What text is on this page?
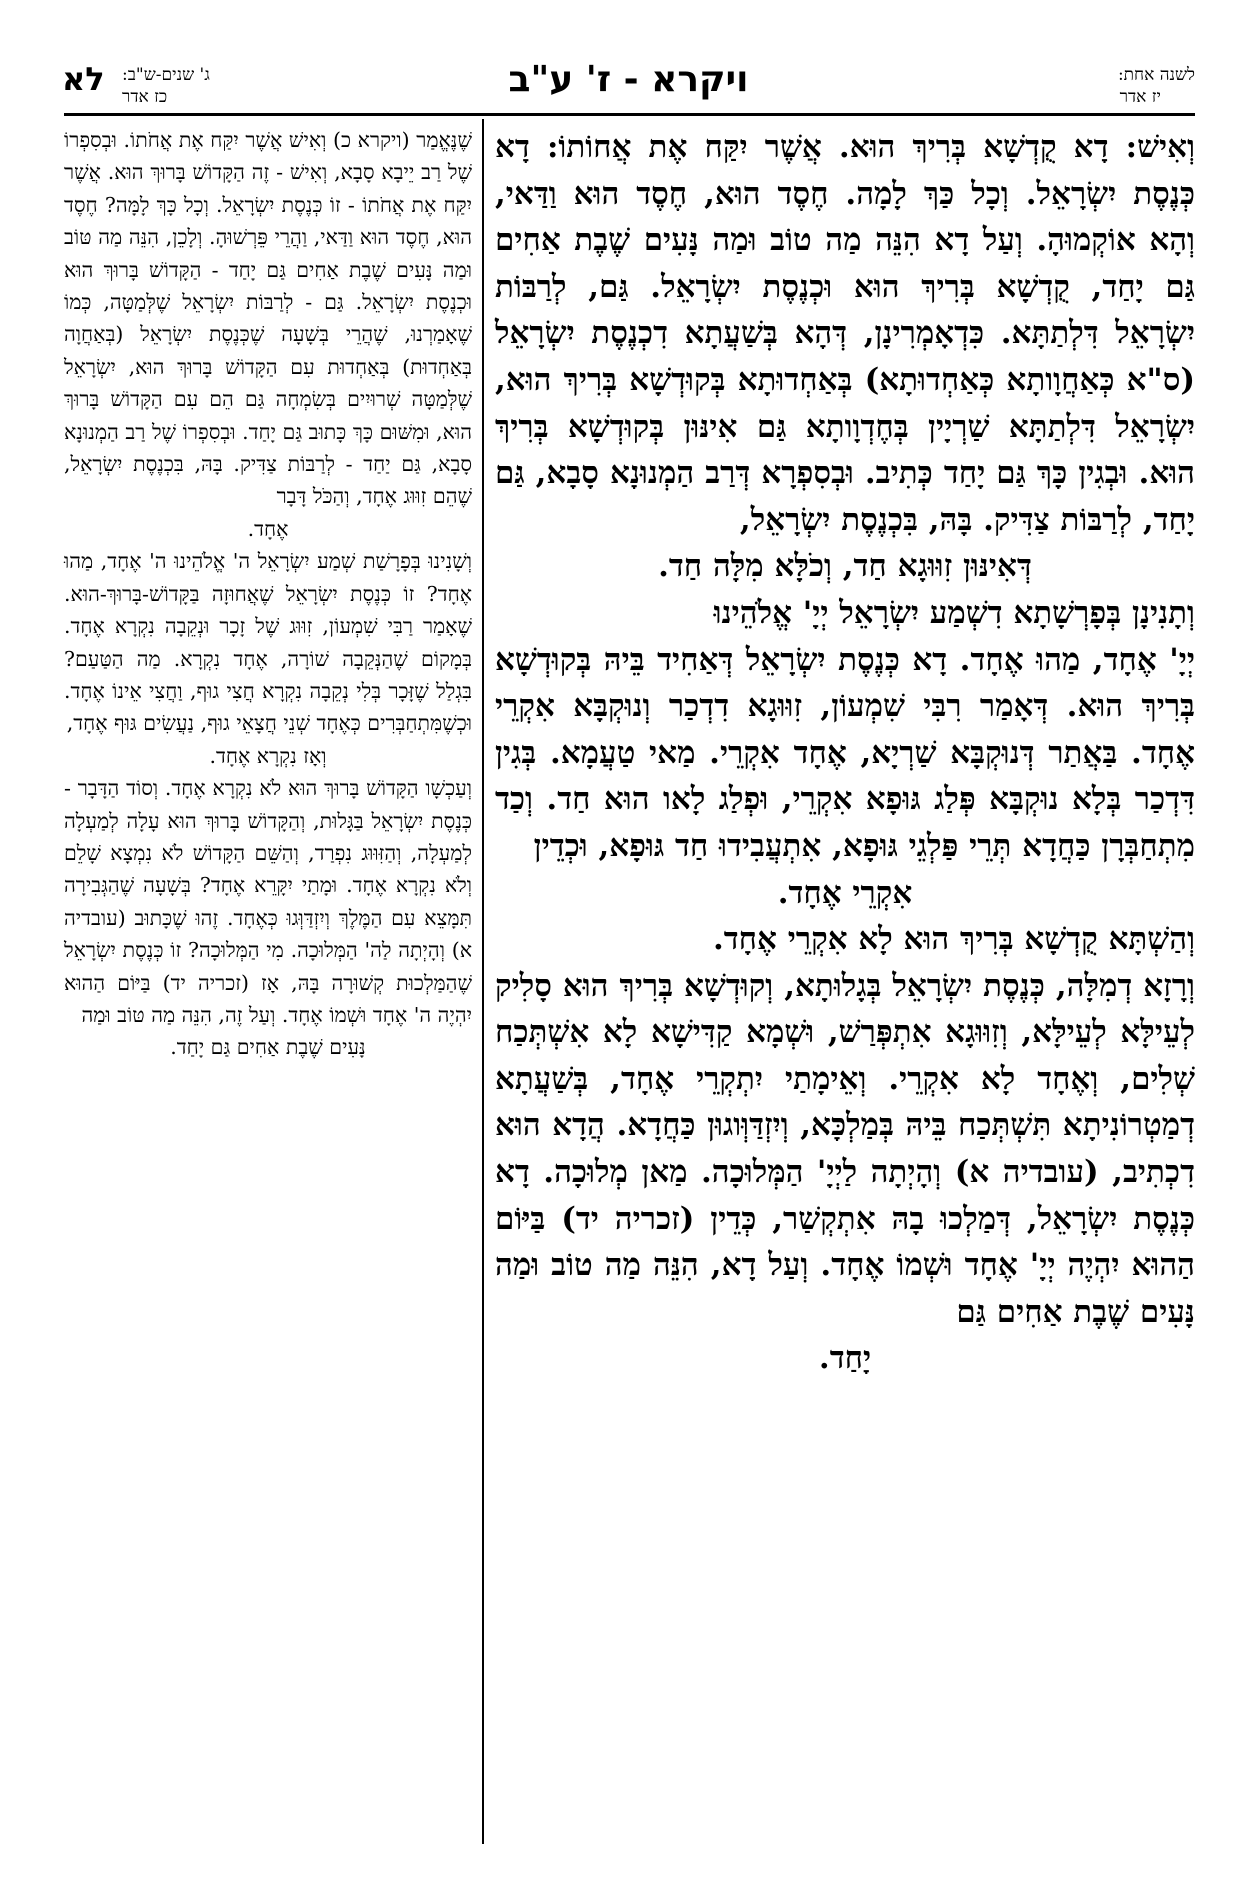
לשנה אחת:
יז אדר
ויקרא - ז' ע"ב
ג' שנים-ש"ב:
כז אדר
לא

וְאִישׁ: דָא קֻדְשָׁא בְּרִיךְ הוּא. אֲשֶׁר יִקַּח אֶת אֲחוֹתוֹ: דָא כְּנֶסֶת יִשְׂרָאֵל. וְכָל כַּךְ לָמָה. חֶסֶד הוּא, חֶסֶד הוּא וַדַּאי, וְהָא אוֹקְמוּהָ. וְעַל דָא הִנֵּה מַה טוֹב וּמַה נָּעִים שֶׁבֶת אַחִים גַּם יָחַד, קֻדְשָׁא בְּרִיךְ הוּא וּכְנֶסֶת יִשְׂרָאֵל. גַּם, לְרַבּוֹת יִשְׂרָאֵל דִּלְתַתָּא. כִּדְאָמְרִינָן, דְּהָא בְּשַׁעֲתָא דִכְנֶסֶת יִשְׂרָאֵל (ס"א כְּאַחֲוָותָא כְּאַחְדוּתָא) בְּאַחְדוּתָא בְּקוּדְשָׁא בְּרִיךְ הוּא, יִשְׂרָאֵל דִּלְתַתָּא שַׁרְיָין בְּחֶדְוָותָא גַּם אִינּוּן בְּקוּדְשָׁא בְּרִיךְ הוּא. וּבְגִין כָּךְ גַּם יָחַד כְּתִיב. וּבְסִפְרָא דְּרַב הַמְנוּנָא סָבָא, גַּם יָחַד, לְרַבּוֹת צַדִּיק. בָּהּ, בִּכְנֶסֶת יִשְׂרָאֵל,

דְּאִינּוּן זִוּוּגָא חַד, וְכֹלָּא מִלָּה חַד.

וְתָנִינָן בְּפָרְשָׁתָא דִשְׁמַע יִשְׂרָאֵל יְיָ' אֱלֹהֵינוּ

יְיָ' אֶחָד, מַהוּ אֶחָד. דָא כְּנֶסֶת יִשְׂרָאֵל דְּאַחִיד בֵּיהּ בְּקוּדְשָׁא בְּרִיךְ הוּא. דְּאָמַר רִבִּי שִׁמְעוֹן, זִוּוּגָא דִדְכַר וְנוּקְבָּא אִקְרֵי אֶחָד. בַּאֲתַר דְּנוּקְבָּא שַׁרְיָא, אֶחָד אִקְרֵי. מַאי טַעֲמָא. בְּגִין דִּדְכַר בְּלָא נוּקְבָּא פְּלַג גּוּפָא אִקְרֵי, וּפְלַג לָאו הוּא חַד. וְכַד מִתְחַבְּרָן כַּחֲדָא תְּרֵי פַּלְגֵי גּוּפָא, אִתְעֲבִידוּ חַד גּוּפָא, וּכְדֵין

אִקְרֵי אֶחָד.

וְהַשְׁתָּא קֻדְשָׁא בְּרִיךְ הוּא לָא אִקְרֵי אֶחָד.

וְרָזָא דְמִלָּה, כְּנֶסֶת יִשְׂרָאֵל בְּגָלוּתָא, וְקוּדְשָׁא בְּרִיךְ הוּא סָלִיק לְעֵילָּא לְעֵילָּא, וְזִוּוּגָא אִתְפְּרַשׁ, וּשְׁמָא קַדִּישָׁא לָא אִשְׁתְּכַח שְׁלִים, וְאֶחָד לָא אִקְרֵי. וְאֵימָתַי יִתְקְרֵי אֶחָד, בְּשַׁעֲתָא דְמַטְרוֹנִיתָא תִּשְׁתְּכַח בֵּיהּ בְּמַלְכָּא, וְיִזְדַּוְּוגוּן כַּחֲדָא. הֲדָא הוּא דִכְתִיב, (עובדיה א) וְהָיְתָה לַיְיָ' הַמְּלוּכָה. מַאן מְלוּכָה. דָא כְּנֶסֶת יִשְׂרָאֵל, דְּמַלְכוּ בָהּ אִתְקְשַׁר, כְּדֵין (זכריה יד) בַּיּוֹם הַהוּא יִהְיֶה יְיָ' אֶחָד וּשְׁמוֹ אֶחָד. וְעַל דָא, הִנֵּה מַה טוֹב וּמַה נָּעִים שֶׁבֶת אַחִים גַּם

יָחַד.

שֶׁנֶּאֱמַר (ויקרא כ) וְאִישׁ אֲשֶׁר יִקַּח אֶת אֲחֹתוֹ. וּבְסִפְרוֹ שֶׁל רַב יֵיבָא סָבָא, וְאִישׁ - זֶה הַקָּדוֹשׁ בָּרוּךְ הוּא. אֲשֶׁר יִקַּח אֶת אֲחֹתוֹ - זוֹ כְּנֶסֶת יִשְׂרָאֵל. וְכָל כָּךְ לָמָּה? חֶסֶד הוּא, חֶסֶד הוּא וַדַּאי, וַהֲרֵי פֵּרְשׁוּהָ. וְלָכֵן, הִנֵּה מַה טּוֹב וּמַה נָּעִים שֶׁבֶת אַחִים גַּם יָחַד - הַקָּדוֹשׁ בָּרוּךְ הוּא וּכְנֶסֶת יִשְׂרָאֵל. גַּם - לְרַבּוֹת יִשְׂרָאֵל שֶׁלְּמַטָּה, כְּמוֹ שֶׁאָמַרְנוּ, שֶׁהֲרֵי בְּשָׁעָה שֶׁכְּנֶסֶת יִשְׂרָאֵל (בְּאַחֲוָה בְּאַחְדוּת) בְּאַחְדוּת עִם הַקָּדוֹשׁ בָּרוּךְ הוּא, יִשְׂרָאֵל שֶׁלְּמַטָּה שְׁרוּיִים בְּשִׂמְחָה גַּם הֵם עִם הַקָּדוֹשׁ בָּרוּךְ הוּא, וּמִשּׁוּם כָּךְ כָּתוּב גַּם יָחַד. וּבְסִפְרוֹ שֶׁל רַב הַמְנוּנָא סָבָא, גַּם יַחַד - לְרַבּוֹת צַדִּיק. בָּהּ, בִּכְנֶסֶת יִשְׂרָאֵל, שֶׁהֵם זִוּוּג אֶחָד, וְהַכֹּל דָּבָר

אֶחָד.

וְשָׁנִינוּ בְּפָרָשַׁת שְׁמַע יִשְׂרָאֵל ה' אֱלֹהֵינוּ ה' אֶחָד, מַהוּ אֶחָד? זוֹ כְּנֶסֶת יִשְׂרָאֵל שֶׁאֲחוּזָה בַּקָּדוֹשׁ-בָּרוּךְ-הוּא. שֶׁאָמַר רַבִּי שִׁמְעוֹן, זִוּוּג שֶׁל זָכָר וּנְקֵבָה נִקְרָא אֶחָד. בְּמָקוֹם שֶׁהַנְּקֵבָה שׁוֹרָה, אֶחָד נִקְרָא. מַה הַטַּעַם? בִּגְלַל שֶׁזָּכָר בְּלִי נְקֵבָה נִקְרָא חֲצִי גוּף, וַחֲצִי אֵינוֹ אֶחָד. וּכְשֶׁמִּתְחַבְּרִים כְּאֶחָד שְׁנֵי חֲצָאֵי גוּף, נַעֲשִׂים גּוּף אֶחָד,

וְאָז נִקְרָא אֶחָד.

וְעַכְשָׁו הַקָּדוֹשׁ בָּרוּךְ הוּא לֹא נִקְרָא אֶחָד. וְסוֹד הַדָּבָר - כְּנֶסֶת יִשְׂרָאֵל בַּגָּלוּת, וְהַקָּדוֹשׁ בָּרוּךְ הוּא עָלָה לְמַעְלָה לְמַעְלָה, וְהַזִּוּוּג נִפְרַד, וְהַשֵּׁם הַקָּדוֹשׁ לֹא נִמְצָא שָׁלֵם וְלֹא נִקְרָא אֶחָד. וּמָתַי יִקָּרֵא אֶחָד? בְּשָׁעָה שֶׁהַגְּבִירָה תִּמָּצֵא עִם הַמֶּלֶךְ וְיִזְדַּוְּגוּ כְּאֶחָד. זֶהוּ שֶׁכָּתוּב (עובדיה א) וְהָיְתָה לַה' הַמְּלוּכָה. מִי הַמְּלוּכָה? זוֹ כְּנֶסֶת יִשְׂרָאֵל שֶׁהַמַּלְכוּת קְשׁוּרָה בָּהּ, אָז (זכריה יד) בַּיּוֹם הַהוּא יִהְיֶה ה' אֶחָד וּשְׁמוֹ אֶחָד. וְעַל זֶה, הִנֵּה מַה טּוֹב וּמַה

נָּעִים שֶׁבֶת אַחִים גַּם יָחַד.
